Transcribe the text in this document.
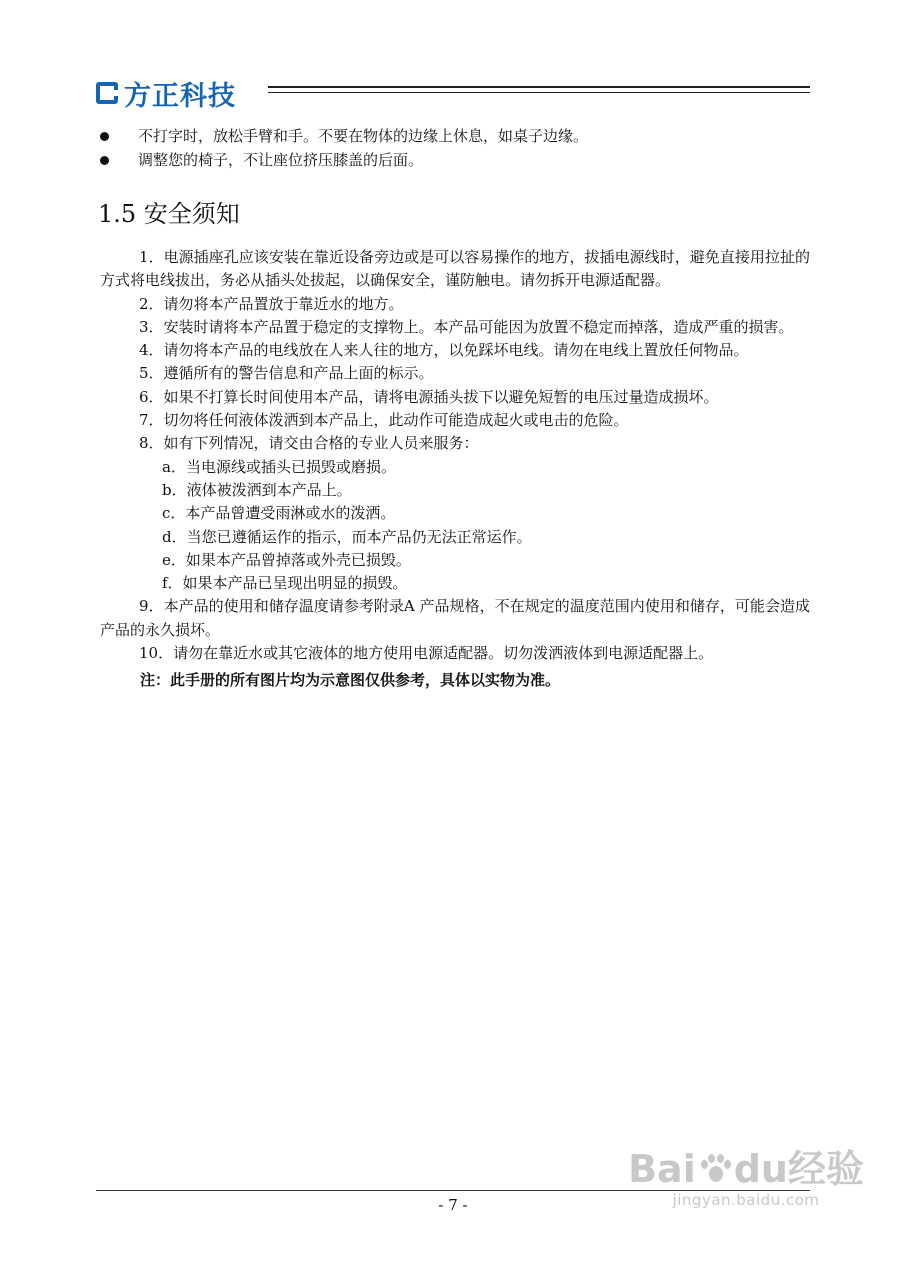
方正科技
不打字时，放松手臂和手。不要在物体的边缘上休息，如桌子边缘。
调整您的椅子，不让座位挤压膝盖的后面。
1.5 安全须知

1．电源插座孔应该安装在靠近设备旁边或是可以容易操作的地方，拔插电源线时，避免直接用拉扯的方式将电线拔出，务必从插头处拔起，以确保安全，谨防触电。请勿拆开电源适配器。

2．请勿将本产品置放于靠近水的地方。

3．安装时请将本产品置于稳定的支撑物上。本产品可能因为放置不稳定而掉落，造成严重的损害。

4．请勿将本产品的电线放在人来人往的地方，以免踩坏电线。请勿在电线上置放任何物品。

5．遵循所有的警告信息和产品上面的标示。

6．如果不打算长时间使用本产品，请将电源插头拔下以避免短暂的电压过量造成损坏。

7．切勿将任何液体泼洒到本产品上，此动作可能造成起火或电击的危险。

8．如有下列情况，请交由合格的专业人员来服务：

a．当电源线或插头已损毁或磨损。

b．液体被泼洒到本产品上。

c．本产品曾遭受雨淋或水的泼洒。

d．当您已遵循运作的指示，而本产品仍无法正常运作。

e．如果本产品曾掉落或外壳已损毁。

f．如果本产品已呈现出明显的损毁。

9．本产品的使用和储存温度请参考附录A 产品规格，不在规定的温度范围内使用和储存，可能会造成产品的永久损坏。

10．请勿在靠近水或其它液体的地方使用电源适配器。切勿泼洒液体到电源适配器上。

注：此手册的所有图片均为示意图仅供参考，具体以实物为准。

- 7 -
Bai du经验
jingyan.baidu.com
